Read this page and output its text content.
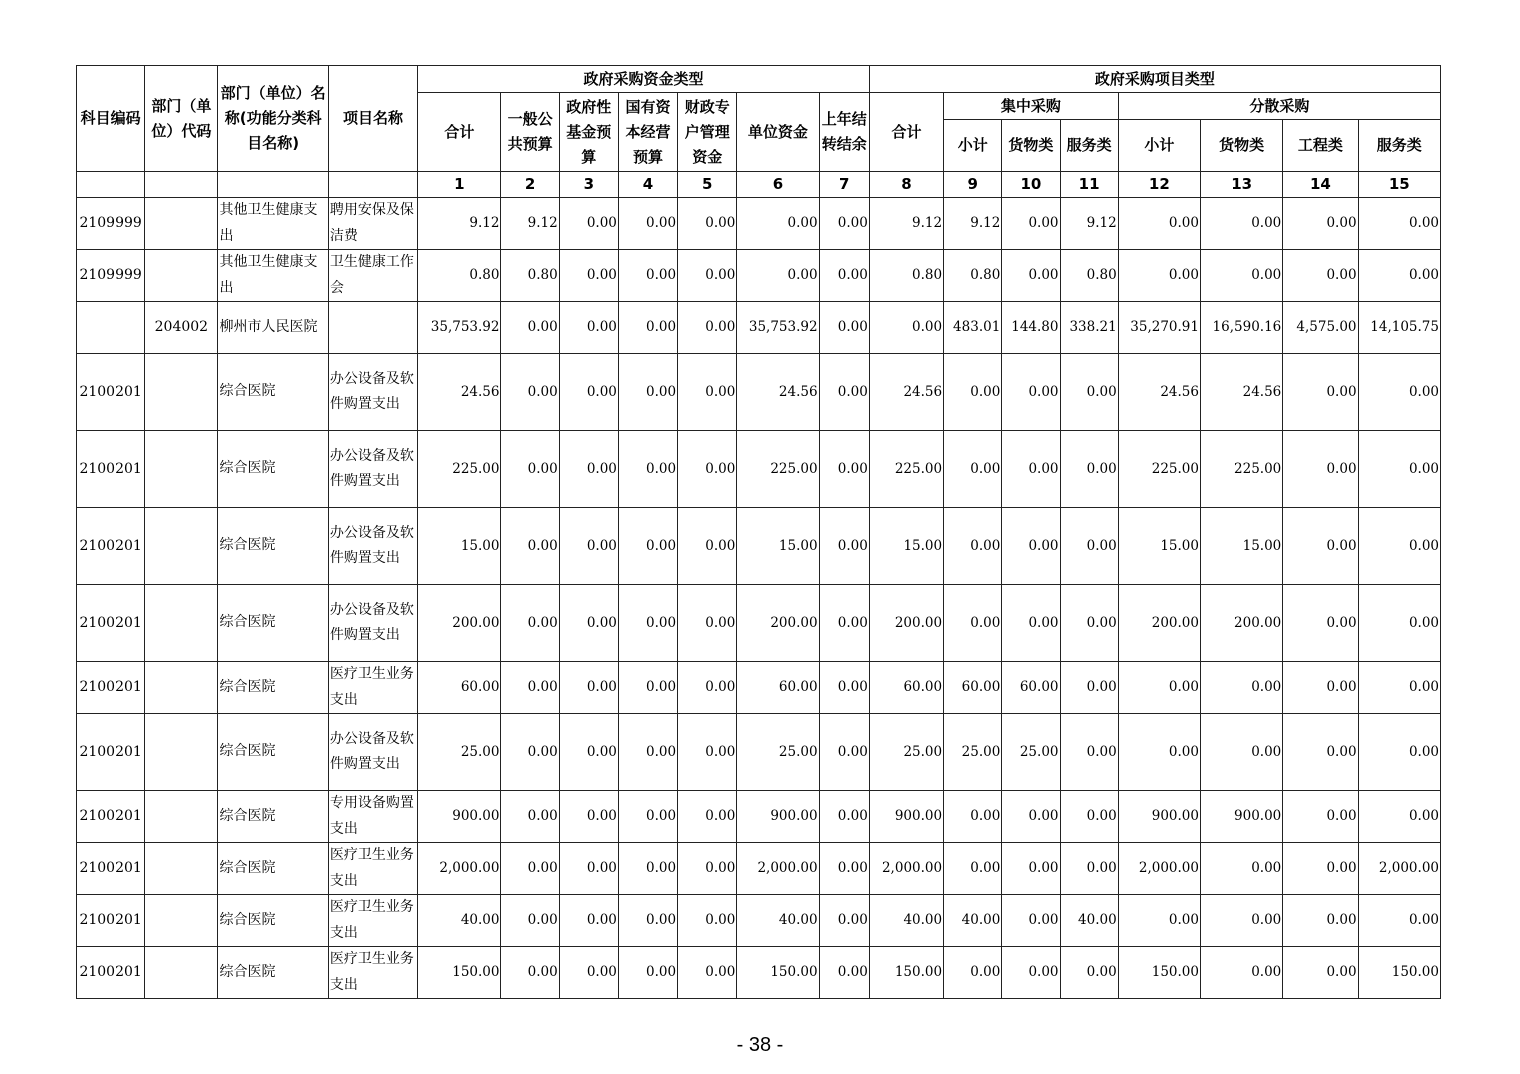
科目编码	部门（单位）代码	部门（单位）名称(功能分类科目名称)	项目名称	政府采购资金类型							政府采购项目类型							
				合计	一般公共预算	政府性基金预算	国有资本经营预算	财政专户管理资金	单位资金	上年结转结余	合计	集中采购			分散采购			
												小计	货物类	服务类	小计	货物类	工程类	服务类
				1	2	3	4	5	6	7	8	9	10	11	12	13	14	15
2109999		其他卫生健康支出	聘用安保及保洁费	9.12	9.12	0.00	0.00	0.00	0.00	0.00	9.12	9.12	0.00	9.12	0.00	0.00	0.00	0.00
2109999		其他卫生健康支出	卫生健康工作会	0.80	0.80	0.00	0.00	0.00	0.00	0.00	0.80	0.80	0.00	0.80	0.00	0.00	0.00	0.00
	204002	柳州市人民医院		35,753.92	0.00	0.00	0.00	0.00	35,753.92	0.00	0.00	483.01	144.80	338.21	35,270.91	16,590.16	4,575.00	14,105.75
2100201		综合医院	办公设备及软件购置支出	24.56	0.00	0.00	0.00	0.00	24.56	0.00	24.56	0.00	0.00	0.00	24.56	24.56	0.00	0.00
2100201		综合医院	办公设备及软件购置支出	225.00	0.00	0.00	0.00	0.00	225.00	0.00	225.00	0.00	0.00	0.00	225.00	225.00	0.00	0.00
2100201		综合医院	办公设备及软件购置支出	15.00	0.00	0.00	0.00	0.00	15.00	0.00	15.00	0.00	0.00	0.00	15.00	15.00	0.00	0.00
2100201		综合医院	办公设备及软件购置支出	200.00	0.00	0.00	0.00	0.00	200.00	0.00	200.00	0.00	0.00	0.00	200.00	200.00	0.00	0.00
2100201		综合医院	医疗卫生业务支出	60.00	0.00	0.00	0.00	0.00	60.00	0.00	60.00	60.00	60.00	0.00	0.00	0.00	0.00	0.00
2100201		综合医院	办公设备及软件购置支出	25.00	0.00	0.00	0.00	0.00	25.00	0.00	25.00	25.00	25.00	0.00	0.00	0.00	0.00	0.00
2100201		综合医院	专用设备购置支出	900.00	0.00	0.00	0.00	0.00	900.00	0.00	900.00	0.00	0.00	0.00	900.00	900.00	0.00	0.00
2100201		综合医院	医疗卫生业务支出	2,000.00	0.00	0.00	0.00	0.00	2,000.00	0.00	2,000.00	0.00	0.00	0.00	2,000.00	0.00	0.00	2,000.00
2100201		综合医院	医疗卫生业务支出	40.00	0.00	0.00	0.00	0.00	40.00	0.00	40.00	40.00	0.00	40.00	0.00	0.00	0.00	0.00
2100201		综合医院	医疗卫生业务支出	150.00	0.00	0.00	0.00	0.00	150.00	0.00	150.00	0.00	0.00	0.00	150.00	0.00	0.00	150.00
- 38 -
